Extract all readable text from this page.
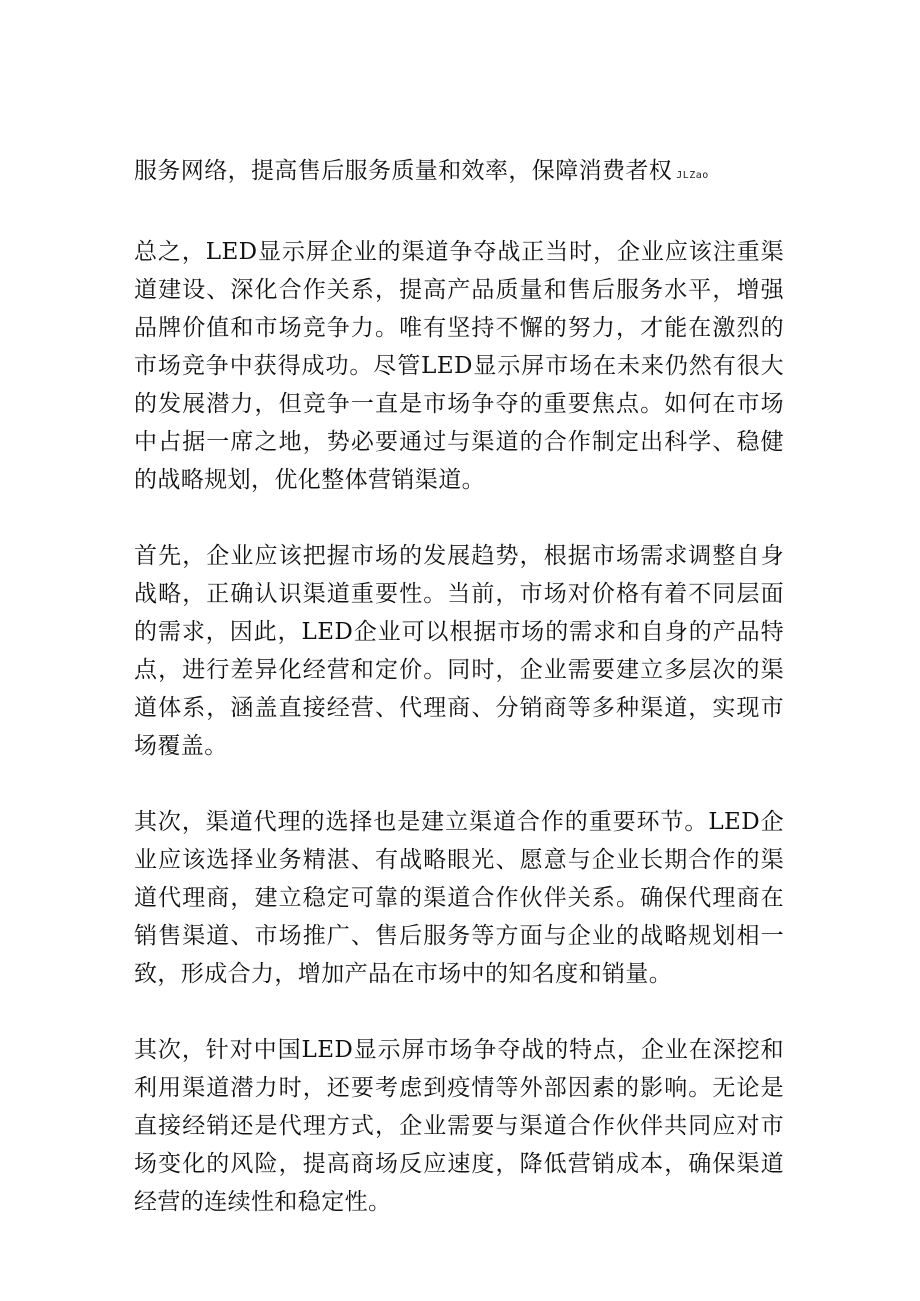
服务网络，提高售后服务质量和效率，保障消费者权 JLZao

总之，LED显示屏企业的渠道争夺战正当时，企业应该注重渠道建设、深化合作关系，提高产品质量和售后服务水平，增强品牌价值和市场竞争力。唯有坚持不懈的努力，才能在激烈的市场竞争中获得成功。尽管LED显示屏市场在未来仍然有很大的发展潜力，但竞争一直是市场争夺的重要焦点。如何在市场中占据一席之地，势必要通过与渠道的合作制定出科学、稳健的战略规划，优化整体营销渠道。

首先，企业应该把握市场的发展趋势，根据市场需求调整自身战略，正确认识渠道重要性。当前，市场对价格有着不同层面的需求，因此，LED企业可以根据市场的需求和自身的产品特点，进行差异化经营和定价。同时，企业需要建立多层次的渠道体系，涵盖直接经营、代理商、分销商等多种渠道，实现市场覆盖。

其次，渠道代理的选择也是建立渠道合作的重要环节。LED企业应该选择业务精湛、有战略眼光、愿意与企业长期合作的渠道代理商，建立稳定可靠的渠道合作伙伴关系。确保代理商在销售渠道、市场推广、售后服务等方面与企业的战略规划相一致，形成合力，增加产品在市场中的知名度和销量。

其次，针对中国LED显示屏市场争夺战的特点，企业在深挖和利用渠道潜力时，还要考虑到疫情等外部因素的影响。无论是直接经销还是代理方式，企业需要与渠道合作伙伴共同应对市场变化的风险，提高商场反应速度，降低营销成本，确保渠道经营的连续性和稳定性。
